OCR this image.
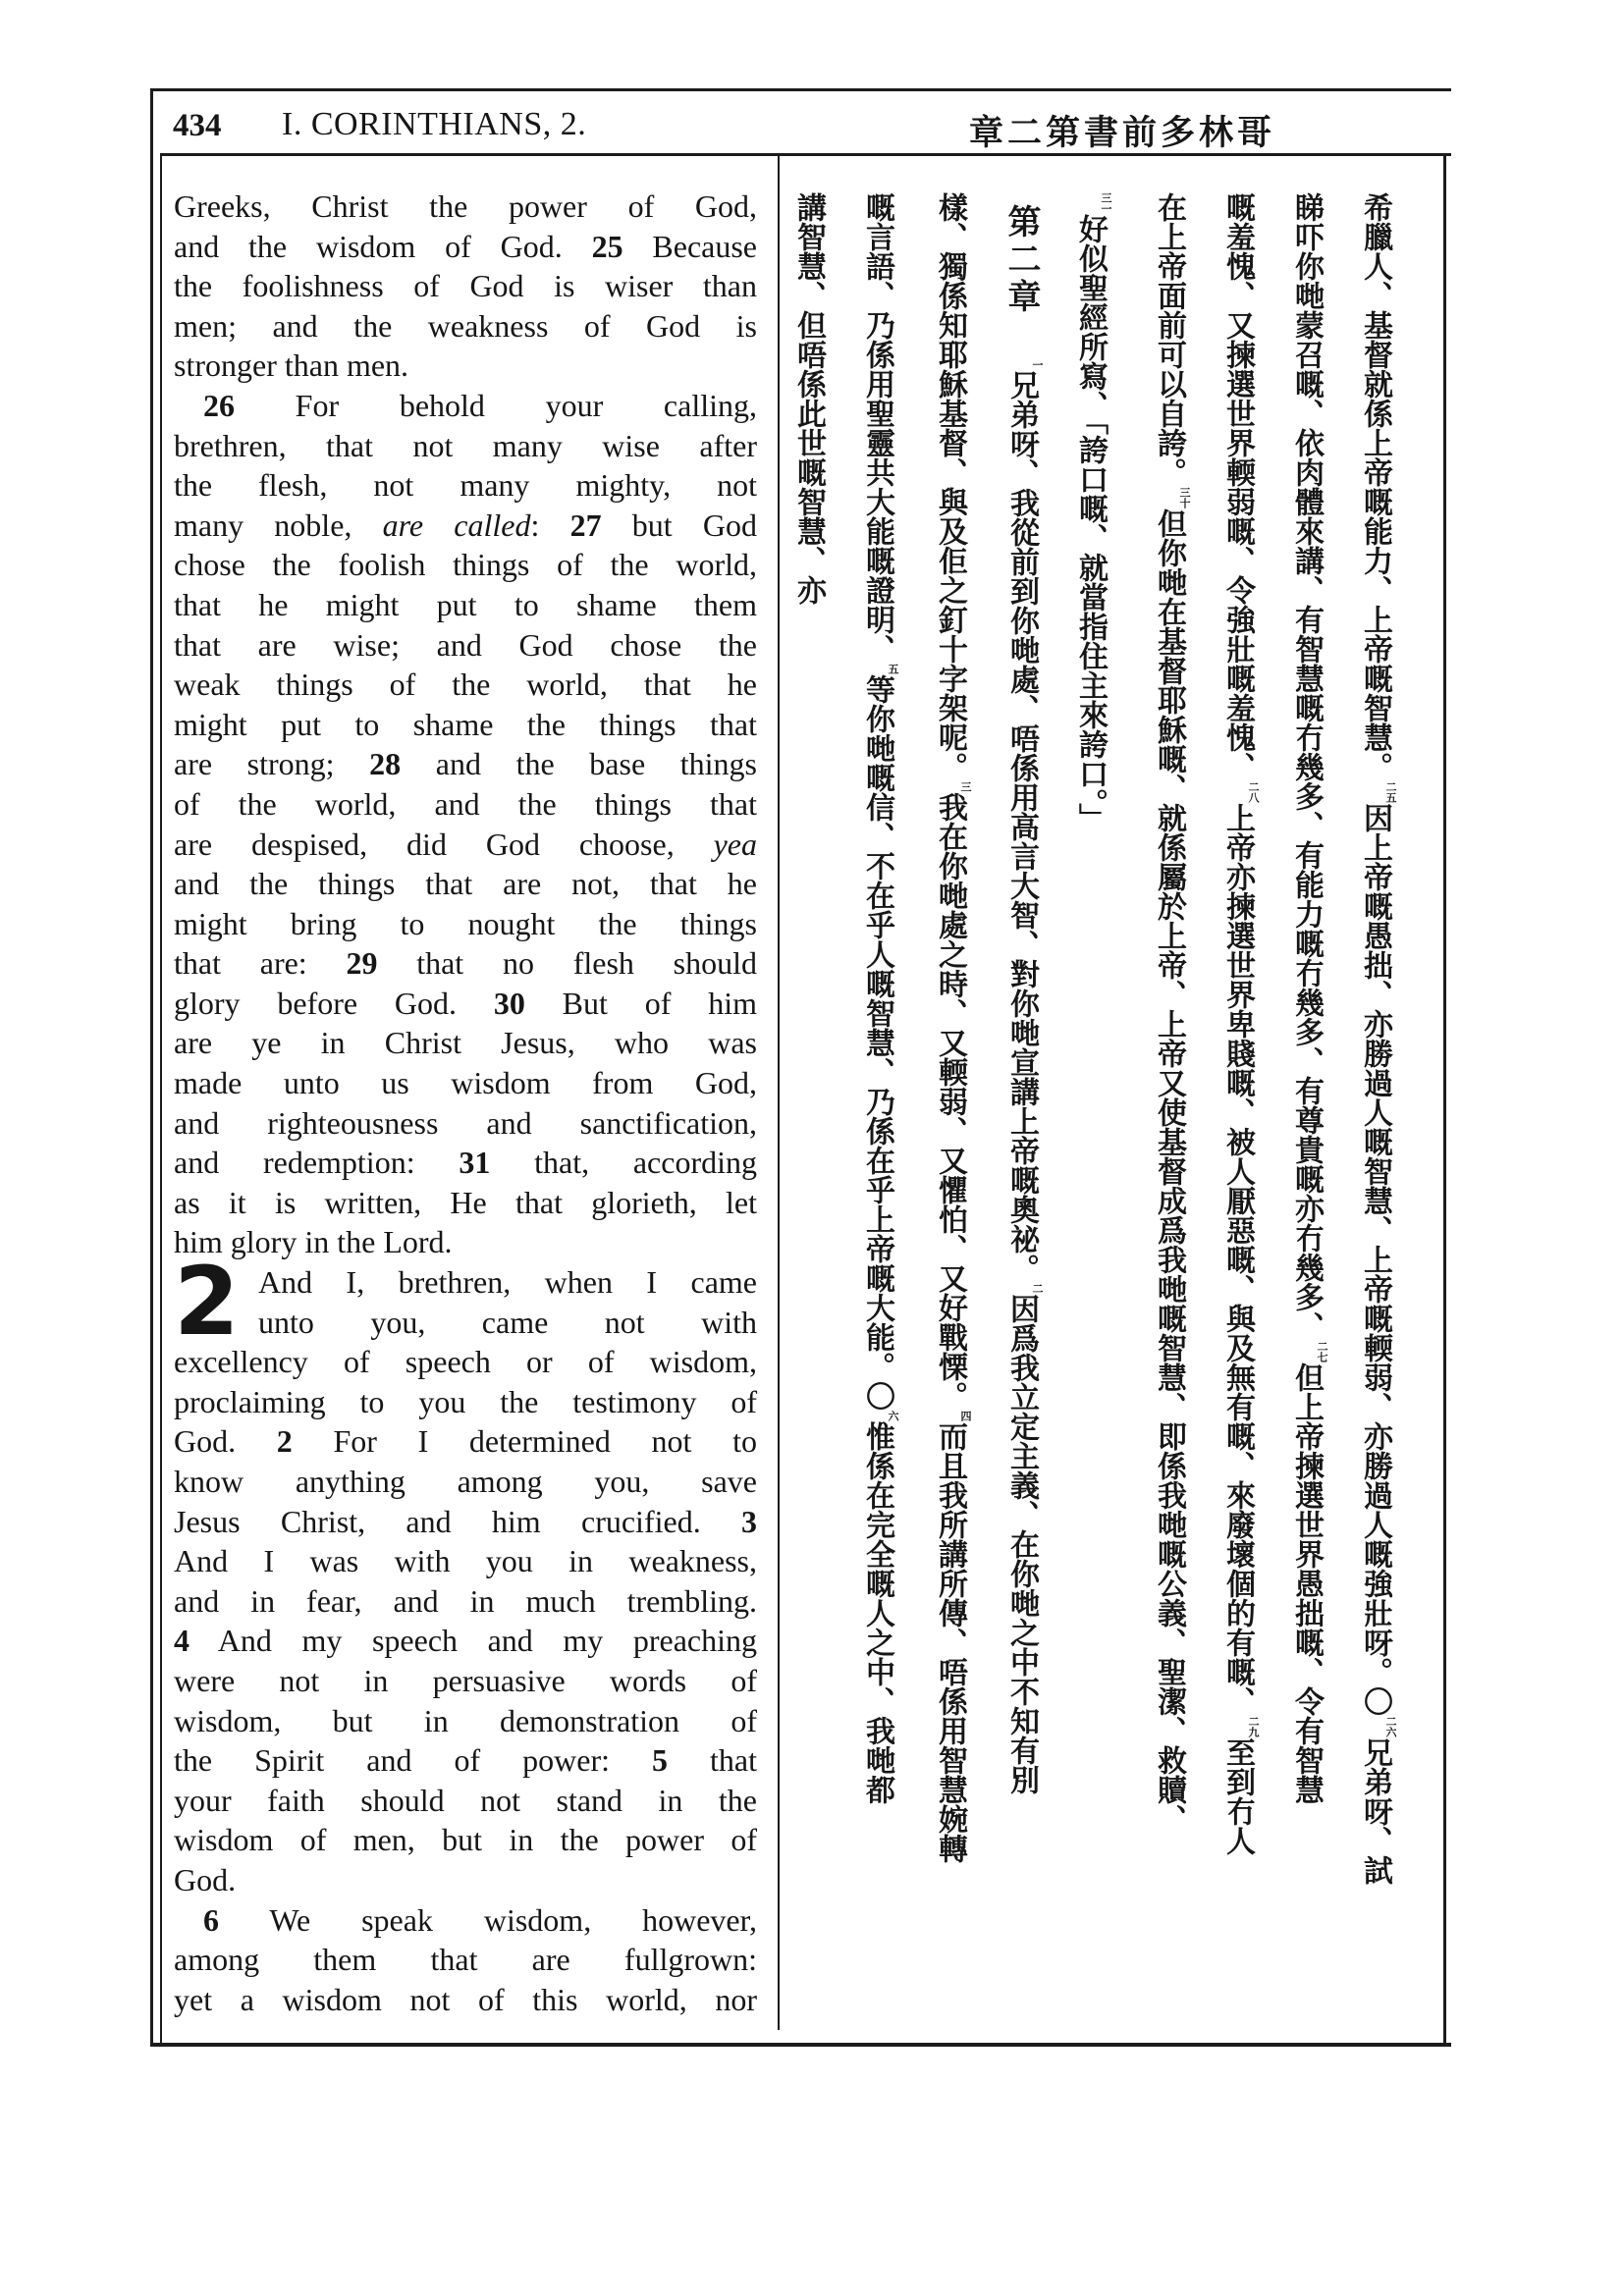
434 I. CORINTHIANS, 2.	哥
林
多
前
書
第
二
章
2
Greeks, Christ the power of God,
and the wisdom of God. 25 Because
the foolishness of God is wiser than
men; and the weakness of God is
stronger than men.
26 For behold your calling,
brethren, that not many wise after
the flesh, not many mighty, not
many noble, are called: 27 but God
chose the foolish things of the world,
that he might put to shame them
that are wise; and God chose the
weak things of the world, that he
might put to shame the things that
are strong; 28 and the base things
of the world, and the things that
are despised, did God choose, yea
and the things that are not, that he
might bring to nought the things
that are: 29 that no flesh should
glory before God. 30 But of him
are ye in Christ Jesus, who was
made unto us wisdom from God,
and righteousness and sanctification,
and redemption: 31 that, according
as it is written, He that glorieth, let
him glory in the Lord.
And I, brethren, when I came
unto you, came not with
excellency of speech or of wisdom,
proclaiming to you the testimony of
God. 2 For I determined not to
know anything among you, save
Jesus Christ, and him crucified. 3
And I was with you in weakness,
and in fear, and in much trembling.
4 And my speech and my preaching
were not in persuasive words of
wisdom, but in demonstration of
the Spirit and of power: 5 that
your faith should not stand in the
wisdom of men, but in the power of
God.
6 We speak wisdom, however,
among them that are fullgrown:
yet a wisdom not of this world, nor
希臘人、基督就係上帝嘅能力、上帝嘅智慧。$^{二五}$因上帝嘅愚拙、亦勝過人嘅智慧、上帝嘅輭弱、亦勝過人嘅強壯呀。〇$^{二六}$兄弟呀、試
睇吓你哋蒙召嘅、依肉體來講、有智慧嘅冇幾多、有能力嘅冇幾多、有尊貴嘅亦冇幾多、$^{二七}$但上帝揀選世界愚拙嘅、令有智慧
嘅羞愧、又揀選世界輭弱嘅、令強壯嘅羞愧、$^{二八}$上帝亦揀選世界卑賤嘅、被人厭惡嘅、與及無有嘅、來廢壞個的有嘅、$^{二九}$至到冇人
在上帝面前可以自誇。$^{三十}$但你哋在基督耶穌嘅、就係屬於上帝、上帝又使基督成爲我哋嘅智慧、即係我哋嘅公義、聖潔、救贖、
$^{三一}$好似聖經所寫、「誇口嘅、就當指住主來誇口。」
第二章$^一$兄弟呀、我從前到你哋處、唔係用高言大智、對你哋宣講上帝嘅奧祕。$^二$因爲我立定主義、在你哋之中不知有別
樣、獨係知耶穌基督、與及佢之釘十字架呢。$^三$我在你哋處之時、又輭弱、又懼怕、又好戰慄。$^四$而且我所講所傳、唔係用智慧婉轉
嘅言語、乃係用聖靈共大能嘅證明、$^五$等你哋嘅信、不在乎人嘅智慧、乃係在乎上帝嘅大能。〇$^六$惟係在完全嘅人之中、我哋都
講智慧、但唔係此世嘅智慧、亦
